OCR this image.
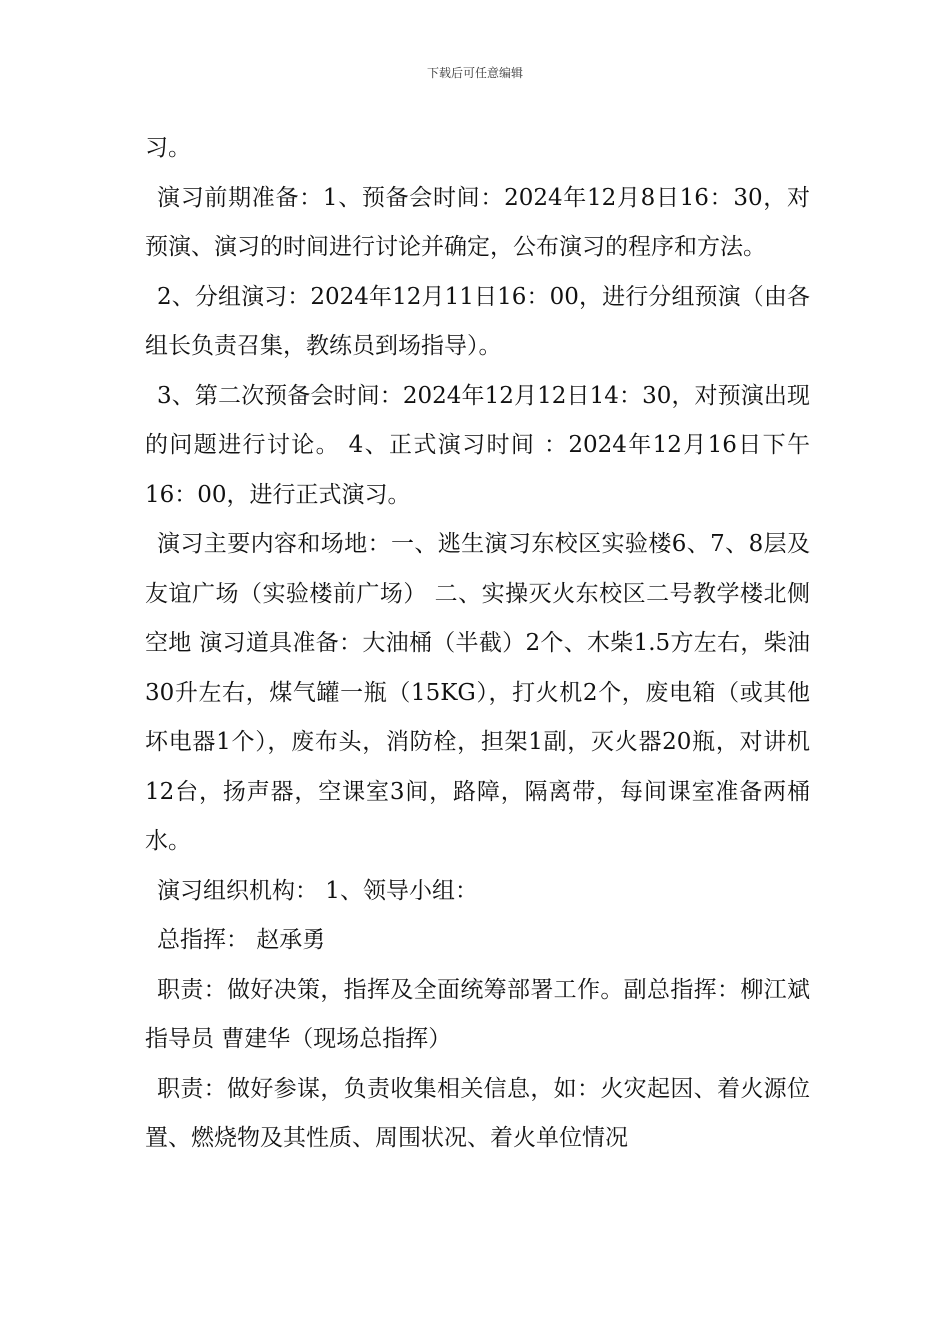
下载后可任意编辑

习。

演习前期准备：1、预备会时间：2024年12月8日16：30，对预演、演习的时间进行讨论并确定，公布演习的程序和方法。

2、分组演习：2024年12月11日16：00，进行分组预演（由各组长负责召集，教练员到场指导）。

3、第二次预备会时间：2024年12月12日14：30，对预演出现的问题进行讨论。 4、正式演习时间 ：2024年12月16日下午16：00，进行正式演习。

演习主要内容和场地：一、逃生演习东校区实验楼6、7、8层及友谊广场（实验楼前广场） 二、实操灭火东校区二号教学楼北侧空地 演习道具准备：大油桶（半截）2个、木柴1.5方左右，柴油30升左右，煤气罐一瓶（15KG），打火机2个，废电箱（或其他坏电器1个），废布头，消防栓，担架1副，灭火器20瓶，对讲机12台，扬声器，空课室3间，路障，隔离带，每间课室准备两桶水。

演习组织机构： 1、领导小组：

总指挥： 赵承勇

职责：做好决策，指挥及全面统筹部署工作。副总指挥：柳江斌指导员 曹建华（现场总指挥）

职责：做好参谋，负责收集相关信息，如：火灾起因、着火源位置、燃烧物及其性质、周围状况、着火单位情况
